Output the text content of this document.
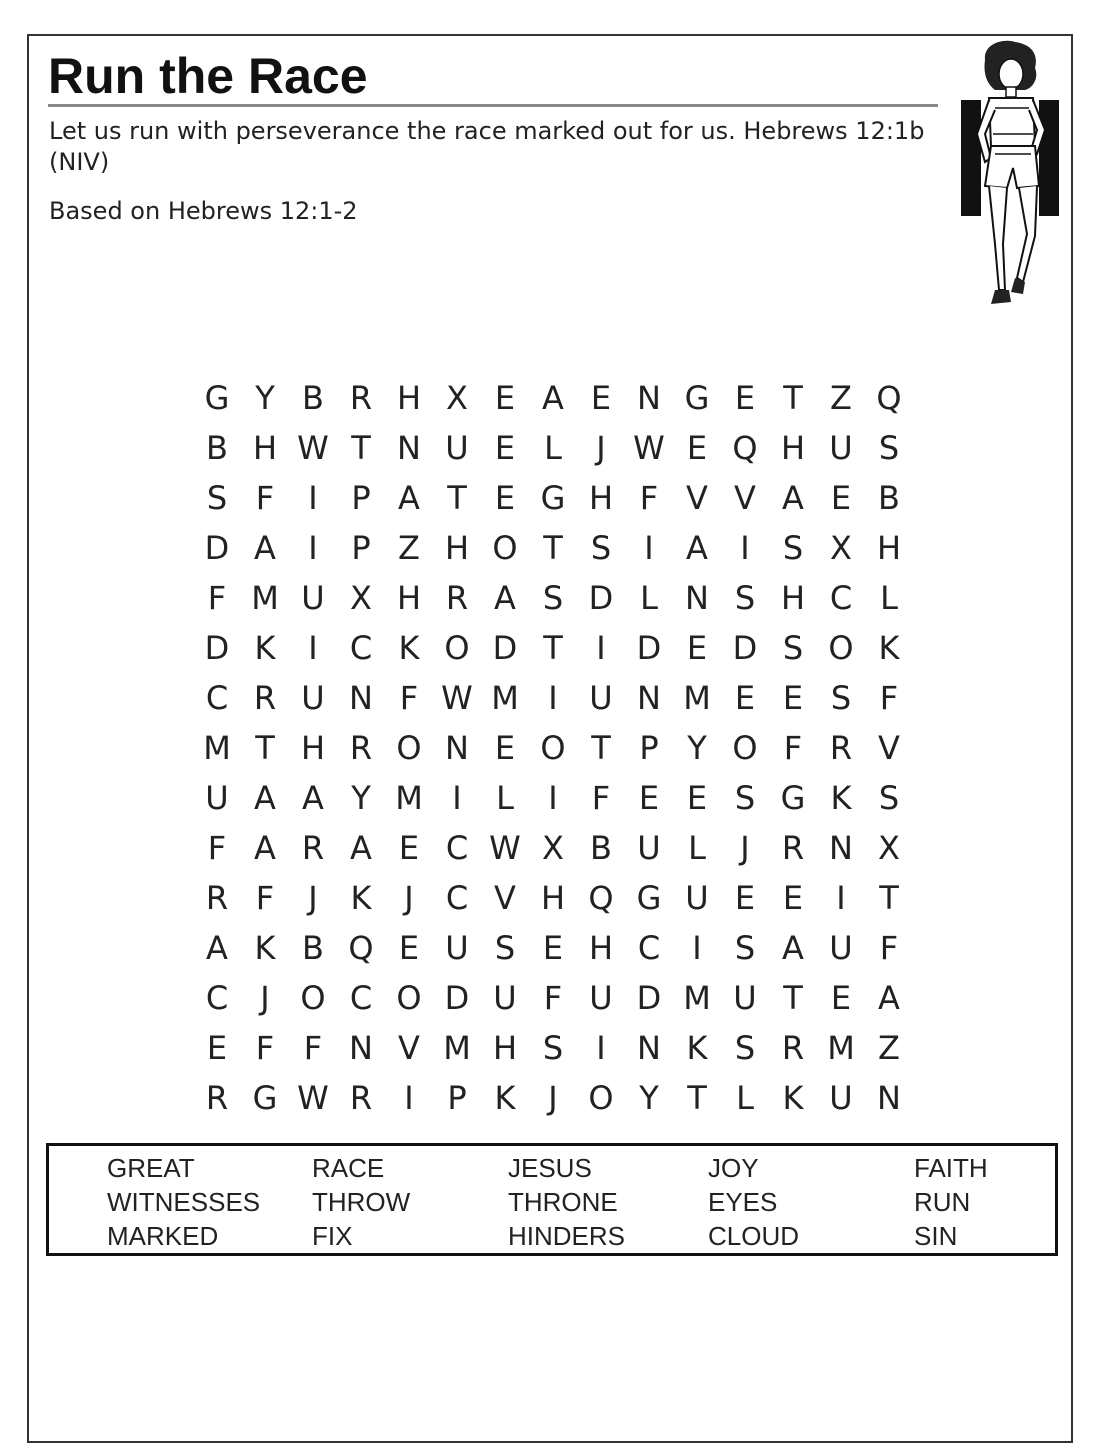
Run the Race

Let us run with perseverance the race marked out for us. Hebrews 12:1b (NIV)

Based on Hebrews 12:1-2

G Y B R H X E A E N G E T Z Q
B H W T N U E L	J W E Q H U S
S F	I	P A T E G H F V V A E B
D A	I	P Z H O T S	I	A	I	S X H
F M U X H R A S D L N S H C L
D K	I	C K O D T	I D E D S O K
C R U N F W M I U N M E E S F
M T H R O N E O T P Y O F R V
U A A Y M I	L	I	F E E S G K S
F A R A E C W X B U L	J	R N X
R F	J	K	J	C V H Q G U E E	I	T
A K B Q E U S E H C	I	S A U F
C	J O C O D U F U D M U T E A
E F F N V M H S	I N K S R M Z
R G W R	I	P K	J O Y T L K U N
GREAT	RACE	JESUS	JOY	FAITH
WITNESSES THROW	THRONE	EYES	RUN
MARKED	FIX	HINDERS	CLOUD	SIN
